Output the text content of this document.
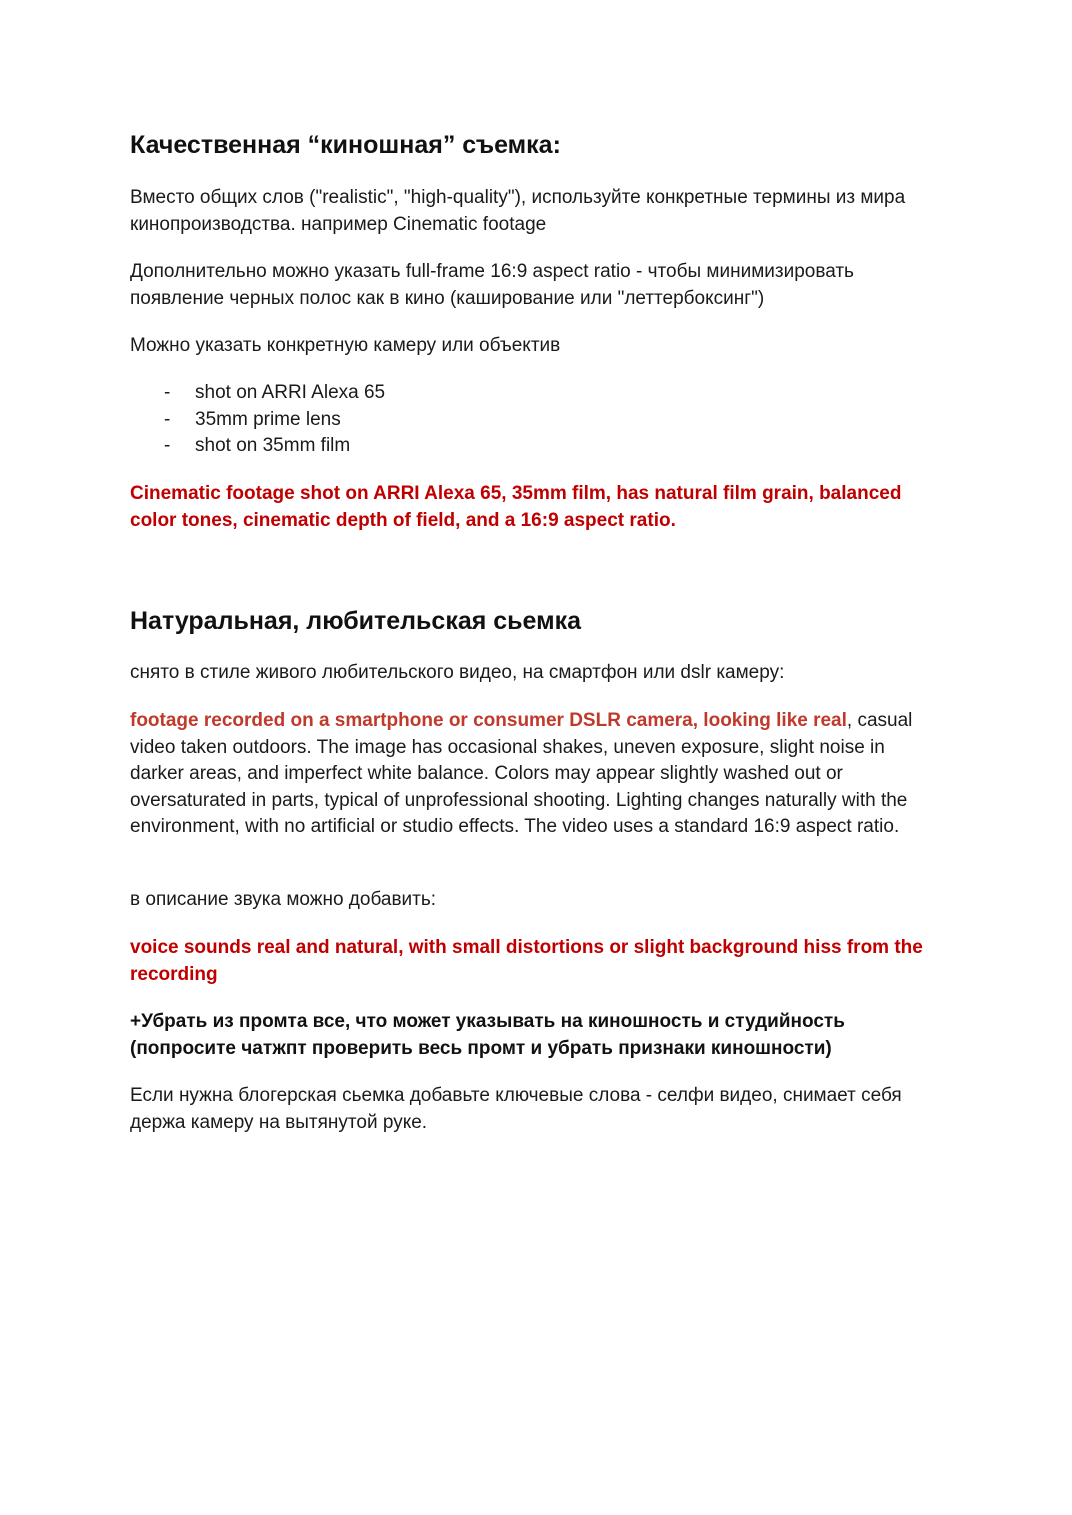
Качественная “киношная” съемка:

Вместо общих слов ("realistic", "high-quality"), используйте конкретные термины из мира кинопроизводства. например Cinematic footage

Дополнительно можно указать full-frame 16:9 aspect ratio - чтобы минимизировать появление черных полос как в кино (каширование или "леттербоксинг")

Можно указать конкретную камеру или объектив

- shot on ARRI Alexa 65
- 35mm prime lens
- shot on 35mm film

Cinematic footage shot on ARRI Alexa 65, 35mm film, has natural film grain, balanced color tones, cinematic depth of field, and a 16:9 aspect ratio.

Натуральная, любительская сьемка

снято в стиле живого любительского видео, на смартфон или dslr камеру:

footage recorded on a smartphone or consumer DSLR camera, looking like real, casual video taken outdoors. The image has occasional shakes, uneven exposure, slight noise in darker areas, and imperfect white balance. Colors may appear slightly washed out or oversaturated in parts, typical of unprofessional shooting. Lighting changes naturally with the environment, with no artificial or studio effects. The video uses a standard 16:9 aspect ratio.

в описание звука можно добавить:

voice sounds real and natural, with small distortions or slight background hiss from the recording

+Убрать из промта все, что может указывать на киношность и студийность (попросите чатжпт проверить весь промт и убрать признаки киношности)

Если нужна блогерская сьемка добавьте ключевые слова - селфи видео, снимает себя держа камеру на вытянутой руке.
